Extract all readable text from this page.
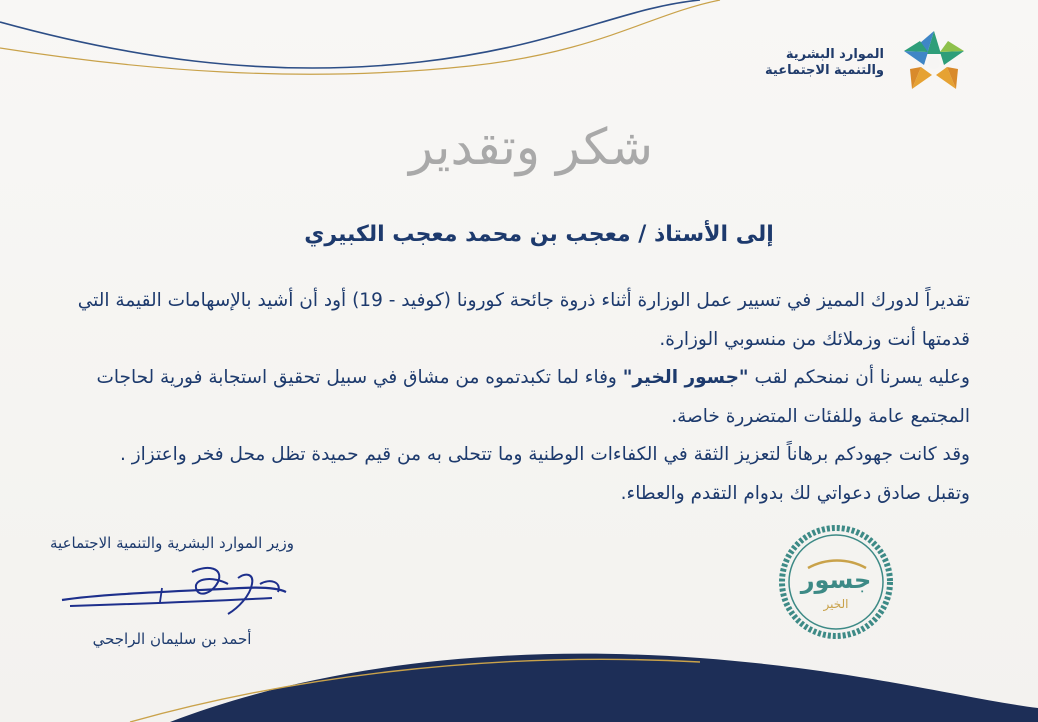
الموارد البشرية
والتنمية الاجتماعية
شكر وتقدير
إلى الأستاذ / معجب بن محمد معجب الكبيري

تقديراً لدورك المميز في تسيير عمل الوزارة أثناء ذروة جائحة كورونا (كوفيد - 19) أود أن أشيد بالإسهامات القيمة التي قدمتها أنت وزملائك من منسوبي الوزارة.

وعليه يسرنا أن نمنحكم لقب "جسور الخير" وفاء لما تكبدتموه من مشاق في سبيل تحقيق استجابة فورية لحاجات المجتمع عامة وللفئات المتضررة خاصة.

وقد كانت جهودكم برهاناً لتعزيز الثقة في الكفاءات الوطنية وما تتحلى به من قيم حميدة تظل محل فخر واعتزاز .

وتقبل صادق دعواتي لك بدوام التقدم والعطاء.

وزير الموارد البشرية والتنمية الاجتماعية
أحمد بن سليمان الراجحي
جسور
الخير
